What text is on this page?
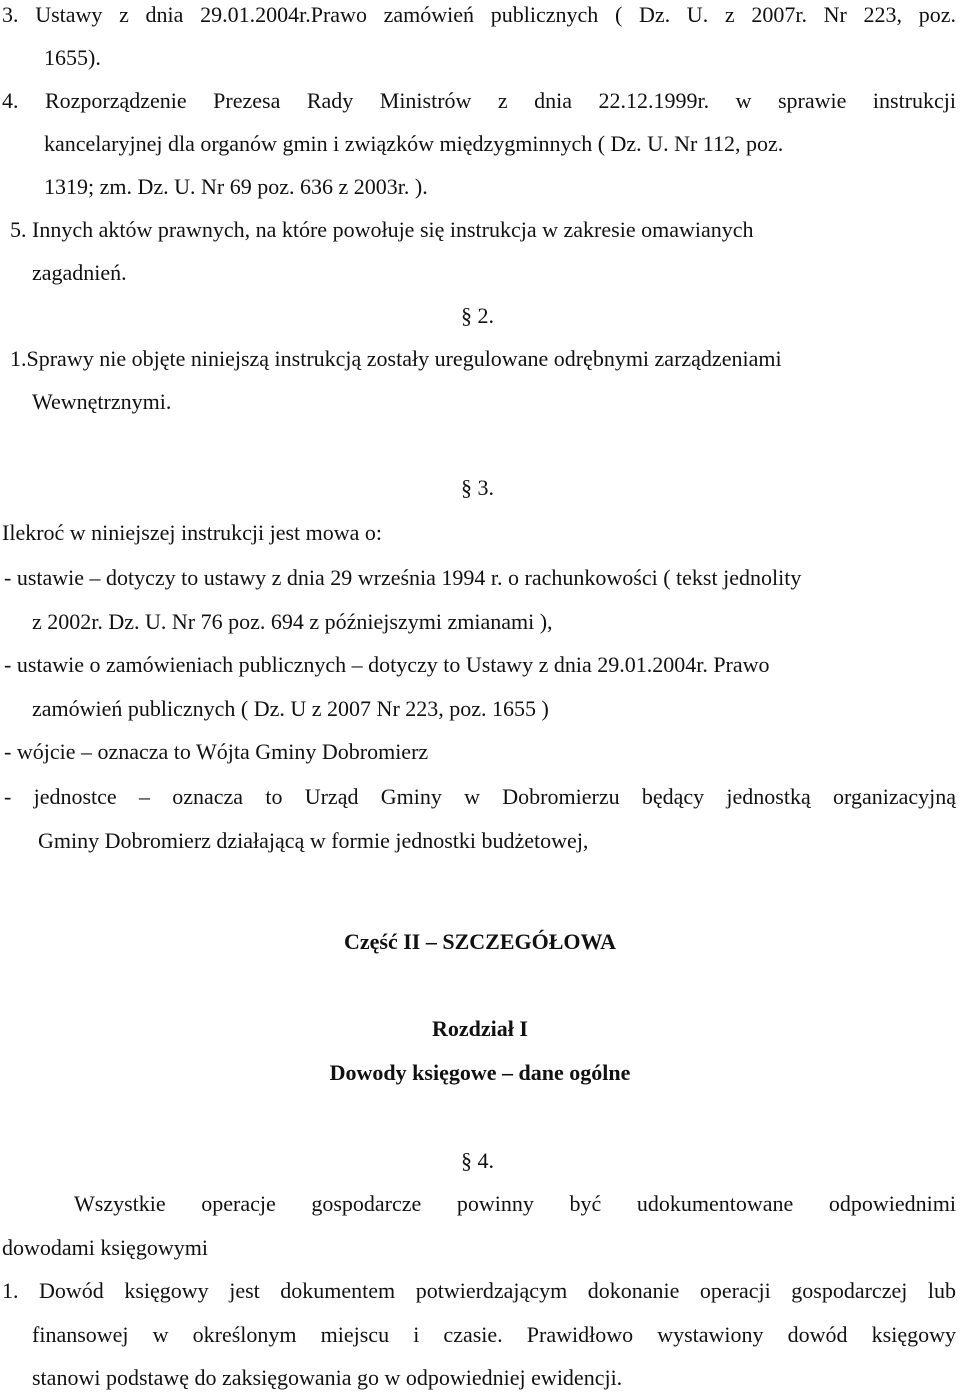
3. Ustawy z dnia 29.01.2004r.Prawo zamówień publicznych ( Dz. U. z 2007r. Nr 223, poz.
1655).
4. Rozporządzenie Prezesa Rady Ministrów z dnia 22.12.1999r. w sprawie instrukcji
kancelaryjnej dla organów gmin i związków międzygminnych ( Dz. U. Nr 112, poz.
1319; zm. Dz. U. Nr 69 poz. 636 z 2003r. ).
5. Innych aktów prawnych, na które powołuje się instrukcja w zakresie omawianych
zagadnień.
§ 2.
1.Sprawy nie objęte niniejszą instrukcją zostały uregulowane odrębnymi zarządzeniami
Wewnętrznymi.
§ 3.
Ilekroć w niniejszej instrukcji jest mowa o:
- ustawie – dotyczy to ustawy z dnia 29 września 1994 r. o rachunkowości ( tekst jednolity
z 2002r. Dz. U. Nr 76 poz. 694 z późniejszymi zmianami ),
- ustawie o zamówieniach publicznych – dotyczy to Ustawy z dnia 29.01.2004r. Prawo
zamówień publicznych ( Dz. U z 2007 Nr 223, poz. 1655 )
- wójcie – oznacza to Wójta Gminy Dobromierz
- jednostce – oznacza to Urząd Gminy w Dobromierzu będący jednostką organizacyjną
Gminy Dobromierz działającą w formie jednostki budżetowej,
Część II – SZCZEGÓŁOWA
Rozdział I
Dowody księgowe – dane ogólne
§ 4.
Wszystkie operacje gospodarcze powinny być udokumentowane odpowiednimi
dowodami księgowymi
1. Dowód księgowy jest dokumentem potwierdzającym dokonanie operacji gospodarczej lub
finansowej w określonym miejscu i czasie. Prawidłowo wystawiony dowód księgowy
stanowi podstawę do zaksięgowania go w odpowiedniej ewidencji.
